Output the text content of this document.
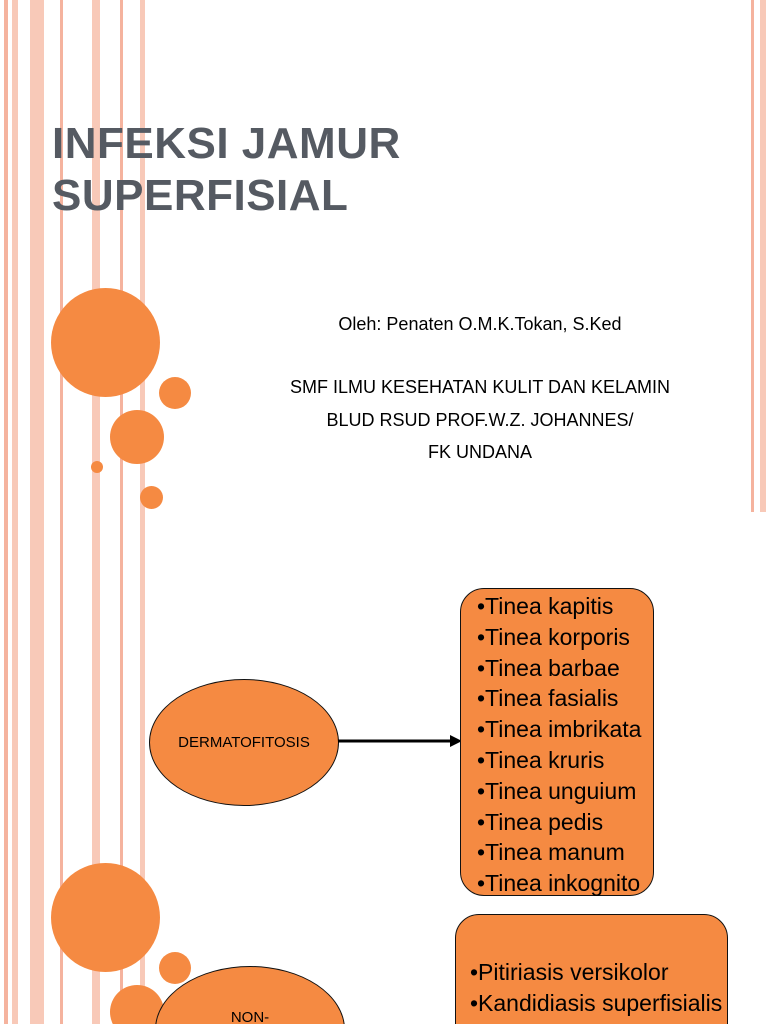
INFEKSI JAMUR
SUPERFISIAL
Oleh: Penaten O.M.K.Tokan, S.Ked
SMF ILMU KESEHATAN KULIT DAN KELAMIN
BLUD RSUD PROF.W.Z. JOHANNES/
FK UNDANA
DERMATOFITOSIS
•Tinea kapitis
•Tinea korporis
•Tinea barbae
•Tinea fasialis
•Tinea imbrikata
•Tinea kruris
•Tinea unguium
•Tinea pedis
•Tinea manum
•Tinea inkognito
NON-
•Pitiriasis versikolor
•Kandidiasis superfisialis
